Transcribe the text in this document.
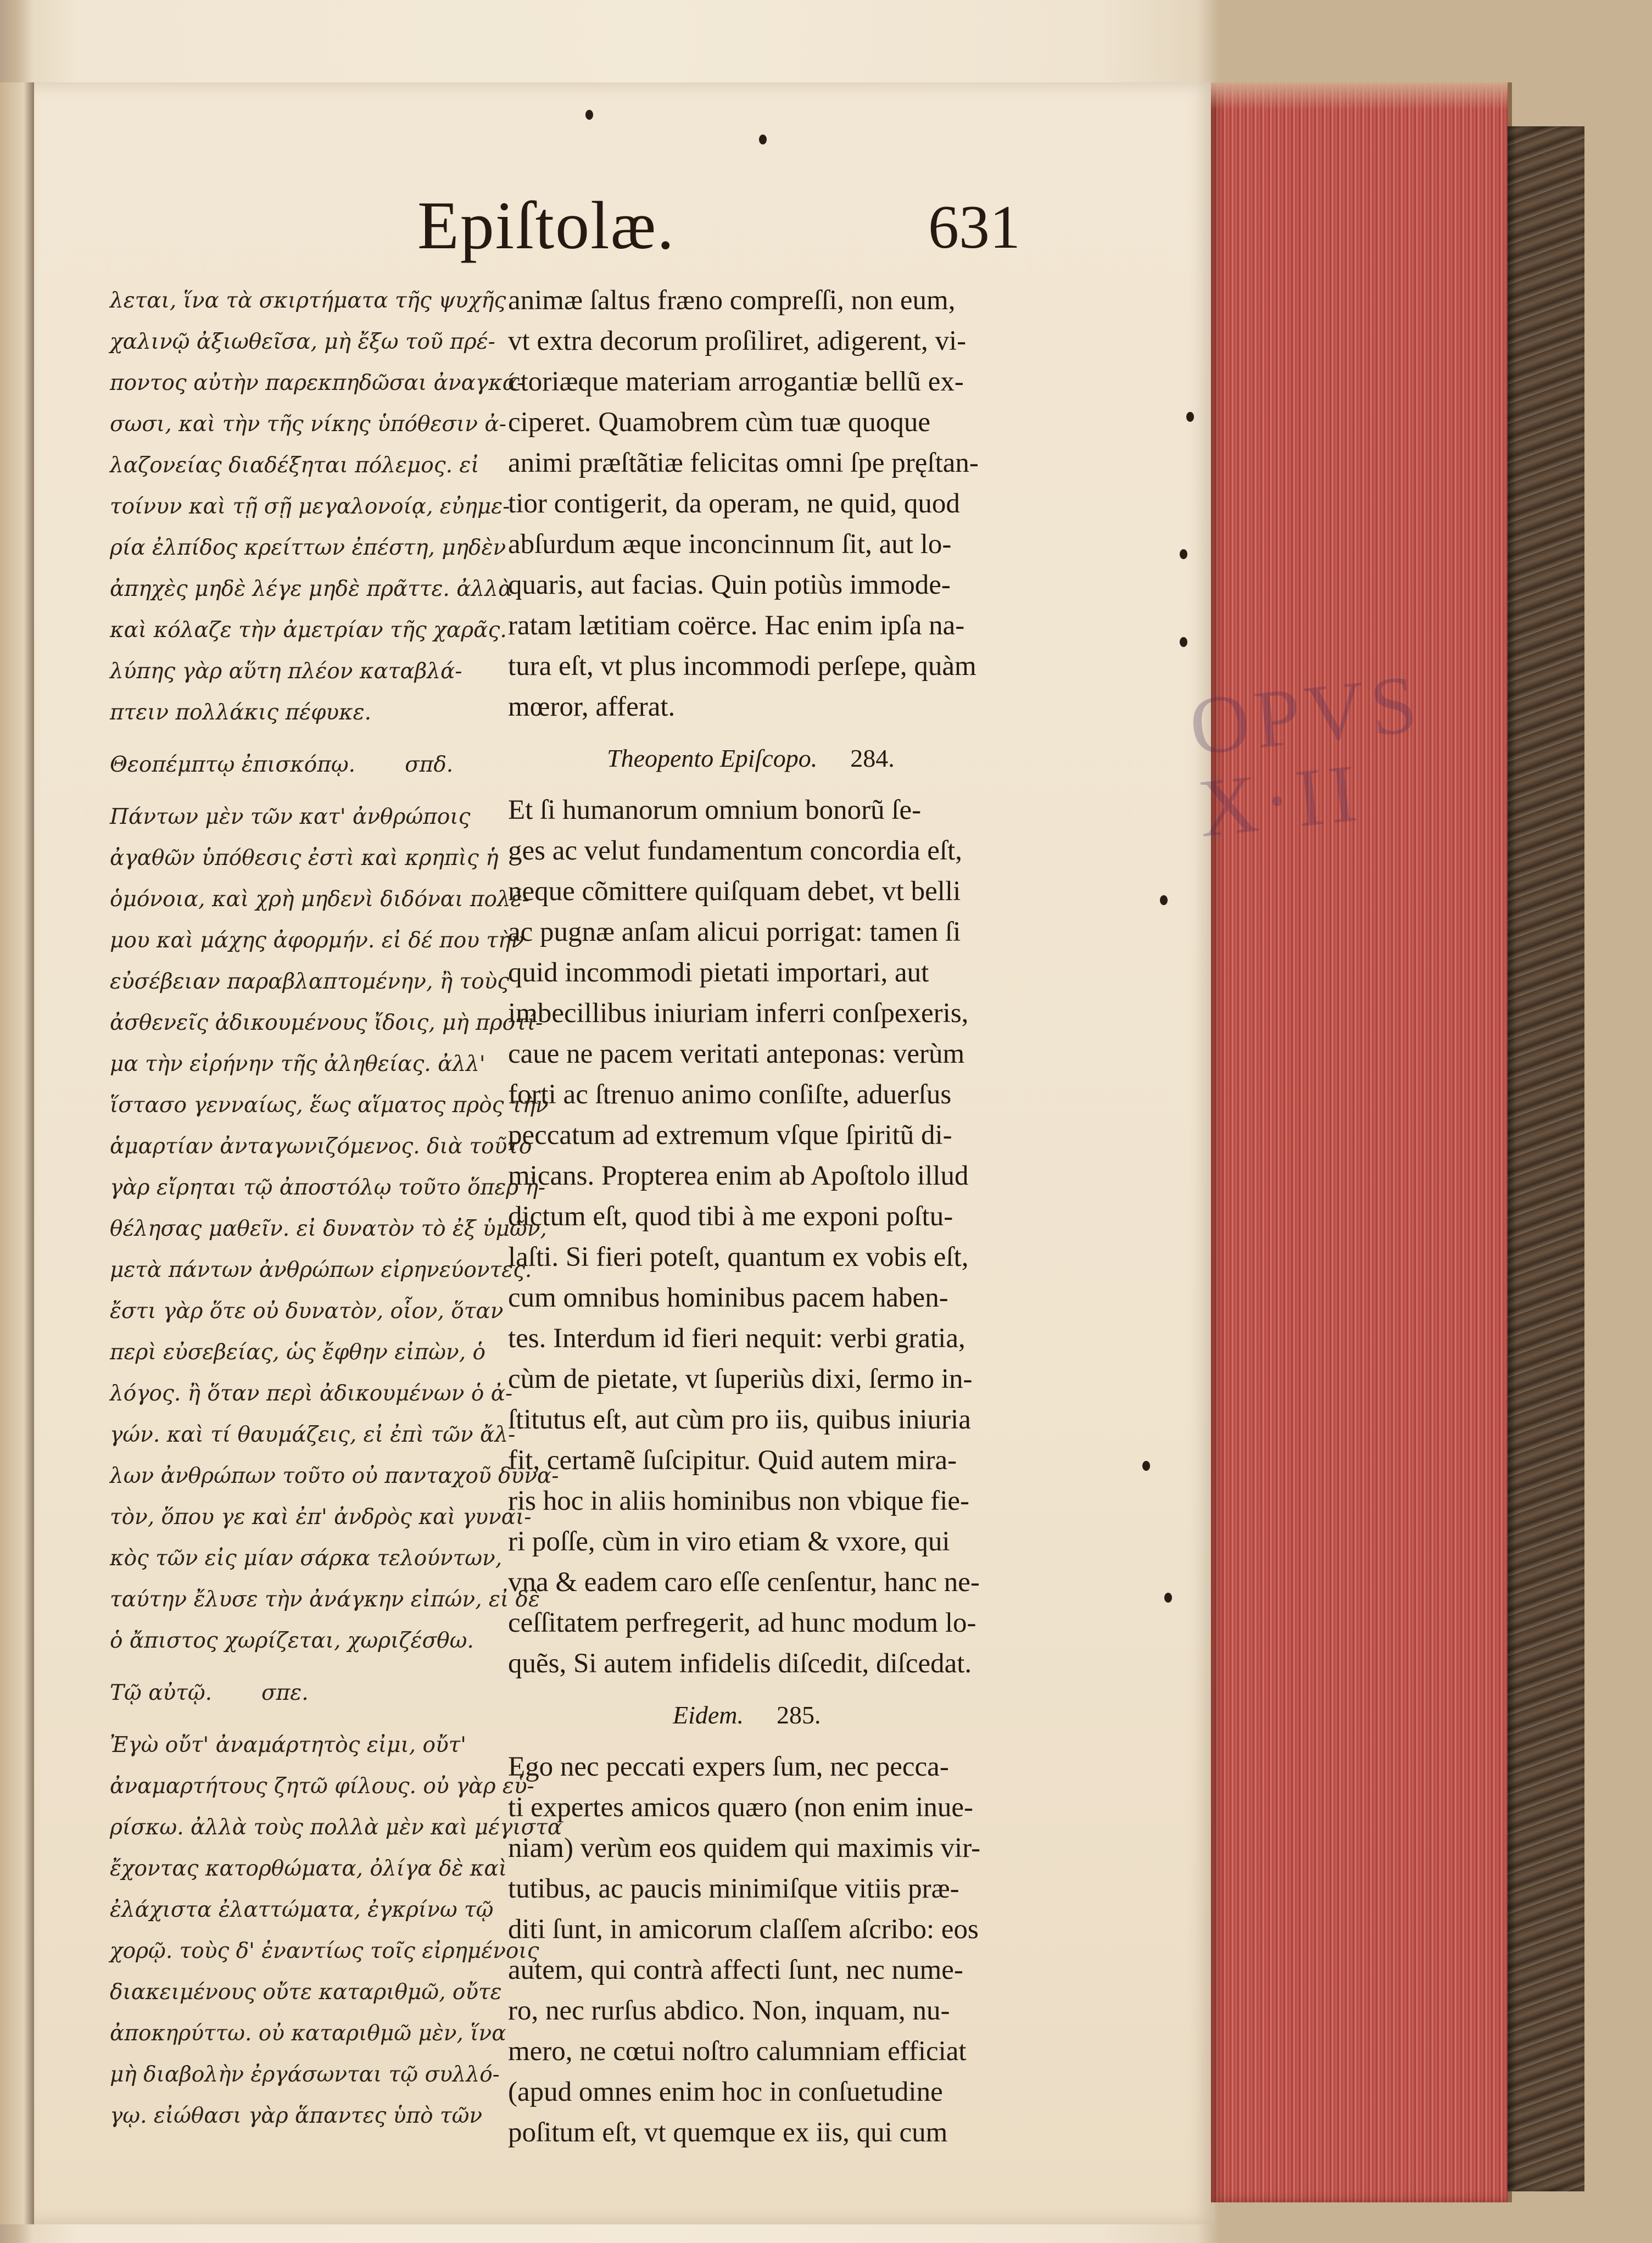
OPVS
X·II
Epiſtolæ.	631

λεται, ἵνα τὰ σκιρτήματα τῆς ψυχῆς
χαλινῷ ἀξιωθεῖσα, μὴ ἔξω τοῦ πρέ-
ποντος αὐτὴν παρεκπηδῶσαι ἀναγκά-
σωσι, καὶ τὴν τῆς νίκης ὑπόθεσιν ἀ-
λαζονείας διαδέξηται πόλεμος. εἰ
τοίνυν καὶ τῇ σῇ μεγαλονοίᾳ, εὐημε-
ρία ἐλπίδος κρείττων ἐπέστη, μηδὲν
ἀπηχὲς μηδὲ λέγε μηδὲ πρᾶττε. ἀλλὰ
καὶ κόλαζε τὴν ἀμετρίαν τῆς χαρᾶς.
λύπης γὰρ αὕτη πλέον καταβλά-
πτειν πολλάκις πέφυκε.

Θεοπέμπτῳ ἐπισκόπῳ. σπδ.

Πάντων μὲν τῶν κατ' ἀνθρώποις
ἀγαθῶν ὑπόθεσις ἐστὶ καὶ κρηπὶς ἡ
ὁμόνοια, καὶ χρὴ μηδενὶ διδόναι πολέ-
μου καὶ μάχης ἀφορμήν. εἰ δέ που τὴν
εὐσέβειαν παραβλαπτομένην, ἢ τοὺς
ἀσθενεῖς ἀδικουμένους ἴδοις, μὴ προτί-
μα τὴν εἰρήνην τῆς ἀληθείας. ἀλλ'
ἵστασο γενναίως, ἕως αἵματος πρὸς τὴν
ἁμαρτίαν ἀνταγωνιζόμενος. διὰ τοῦτο
γὰρ εἴρηται τῷ ἀποστόλῳ τοῦτο ὅπερ ἠ-
θέλησας μαθεῖν. εἰ δυνατὸν τὸ ἐξ ὑμῶν,
μετὰ πάντων ἀνθρώπων εἰρηνεύοντες.
ἔστι γὰρ ὅτε οὐ δυνατὸν, οἷον, ὅταν
περὶ εὐσεβείας, ὡς ἔφθην εἰπὼν, ὁ
λόγος. ἢ ὅταν περὶ ἀδικουμένων ὁ ἀ-
γών. καὶ τί θαυμάζεις, εἰ ἐπὶ τῶν ἄλ-
λων ἀνθρώπων τοῦτο οὐ πανταχοῦ δυνα-
τὸν, ὅπου γε καὶ ἐπ' ἀνδρὸς καὶ γυναι-
κὸς τῶν εἰς μίαν σάρκα τελούντων,
ταύτην ἔλυσε τὴν ἀνάγκην εἰπών, εἰ δὲ
ὁ ἄπιστος χωρίζεται, χωριζέσθω.

Τῷ αὐτῷ. σπε.

Ἐγὼ οὔτ' ἀναμάρτητὸς εἰμι, οὔτ'
ἀναμαρτήτους ζητῶ φίλους. οὐ γὰρ εὑ-
ρίσκω. ἀλλὰ τοὺς πολλὰ μὲν καὶ μέγιστα
ἔχοντας κατορθώματα, ὀλίγα δὲ καὶ
ἐλάχιστα ἐλαττώματα, ἐγκρίνω τῷ
χορῷ. τοὺς δ' ἐναντίως τοῖς εἰρημένοις
διακειμένους οὔτε καταριθμῶ, οὔτε
ἀποκηρύττω. οὐ καταριθμῶ μὲν, ἵνα
μὴ διαβολὴν ἐργάσωνται τῷ συλλό-
γῳ. εἰώθασι γὰρ ἅπαντες ὑπὸ τῶν

animæ ſaltus fræno compreſſi, non eum,
vt extra decorum proſiliret, adigerent, vi-
ctoriæque materiam arrogantiæ bellũ ex-
ciperet. Quamobrem cùm tuæ quoque
animi præſtãtiæ felicitas omni ſpe pręſtan-
tior contigerit, da operam, ne quid, quod
abſurdum æque inconcinnum ſit, aut lo-
quaris, aut facias. Quin potiùs immode-
ratam lætitiam coërce. Hac enim ipſa na-
tura eſt, vt plus incommodi perſepe, quàm
mœror, afferat.

Theopento Epiſcopo. 284.

Et ſi humanorum omnium bonorũ ſe-
ges ac velut fundamentum concordia eſt,
neque cõmittere quiſquam debet, vt belli
ac pugnæ anſam alicui porrigat: tamen ſi
quid incommodi pietati importari, aut
imbecillibus iniuriam inferri conſpexeris,
caue ne pacem veritati anteponas: verùm
forti ac ſtrenuo animo conſiſte, aduerſus
peccatum ad extremum vſque ſpiritũ di-
micans. Propterea enim ab Apoſtolo illud
dictum eſt, quod tibi à me exponi poſtu-
laſti. Si fieri poteſt, quantum ex vobis eſt,
cum omnibus hominibus pacem haben-
tes. Interdum id fieri nequit: verbi gratia,
cùm de pietate, vt ſuperiùs dixi, ſermo in-
ſtitutus eſt, aut cùm pro iis, quibus iniuria
fit, certamẽ ſuſcipitur. Quid autem mira-
ris hoc in aliis hominibus non vbique fie-
ri poſſe, cùm in viro etiam & vxore, qui
vna & eadem caro eſſe cenſentur, hanc ne-
ceſſitatem perfregerit, ad hunc modum lo-
quẽs, Si autem infidelis diſcedit, diſcedat.

Eidem. 285.

Ego nec peccati expers ſum, nec pecca-
ti expertes amicos quæro (non enim inue-
niam) verùm eos quidem qui maximis vir-
tutibus, ac paucis minimiſque vitiis præ-
diti ſunt, in amicorum claſſem aſcribo: eos
autem, qui contrà affecti ſunt, nec nume-
ro, nec rurſus abdico. Non, inquam, nu-
mero, ne cœtui noſtro calumniam efficiat
(apud omnes enim hoc in conſuetudine
poſitum eſt, vt quemque ex iis, qui cum
